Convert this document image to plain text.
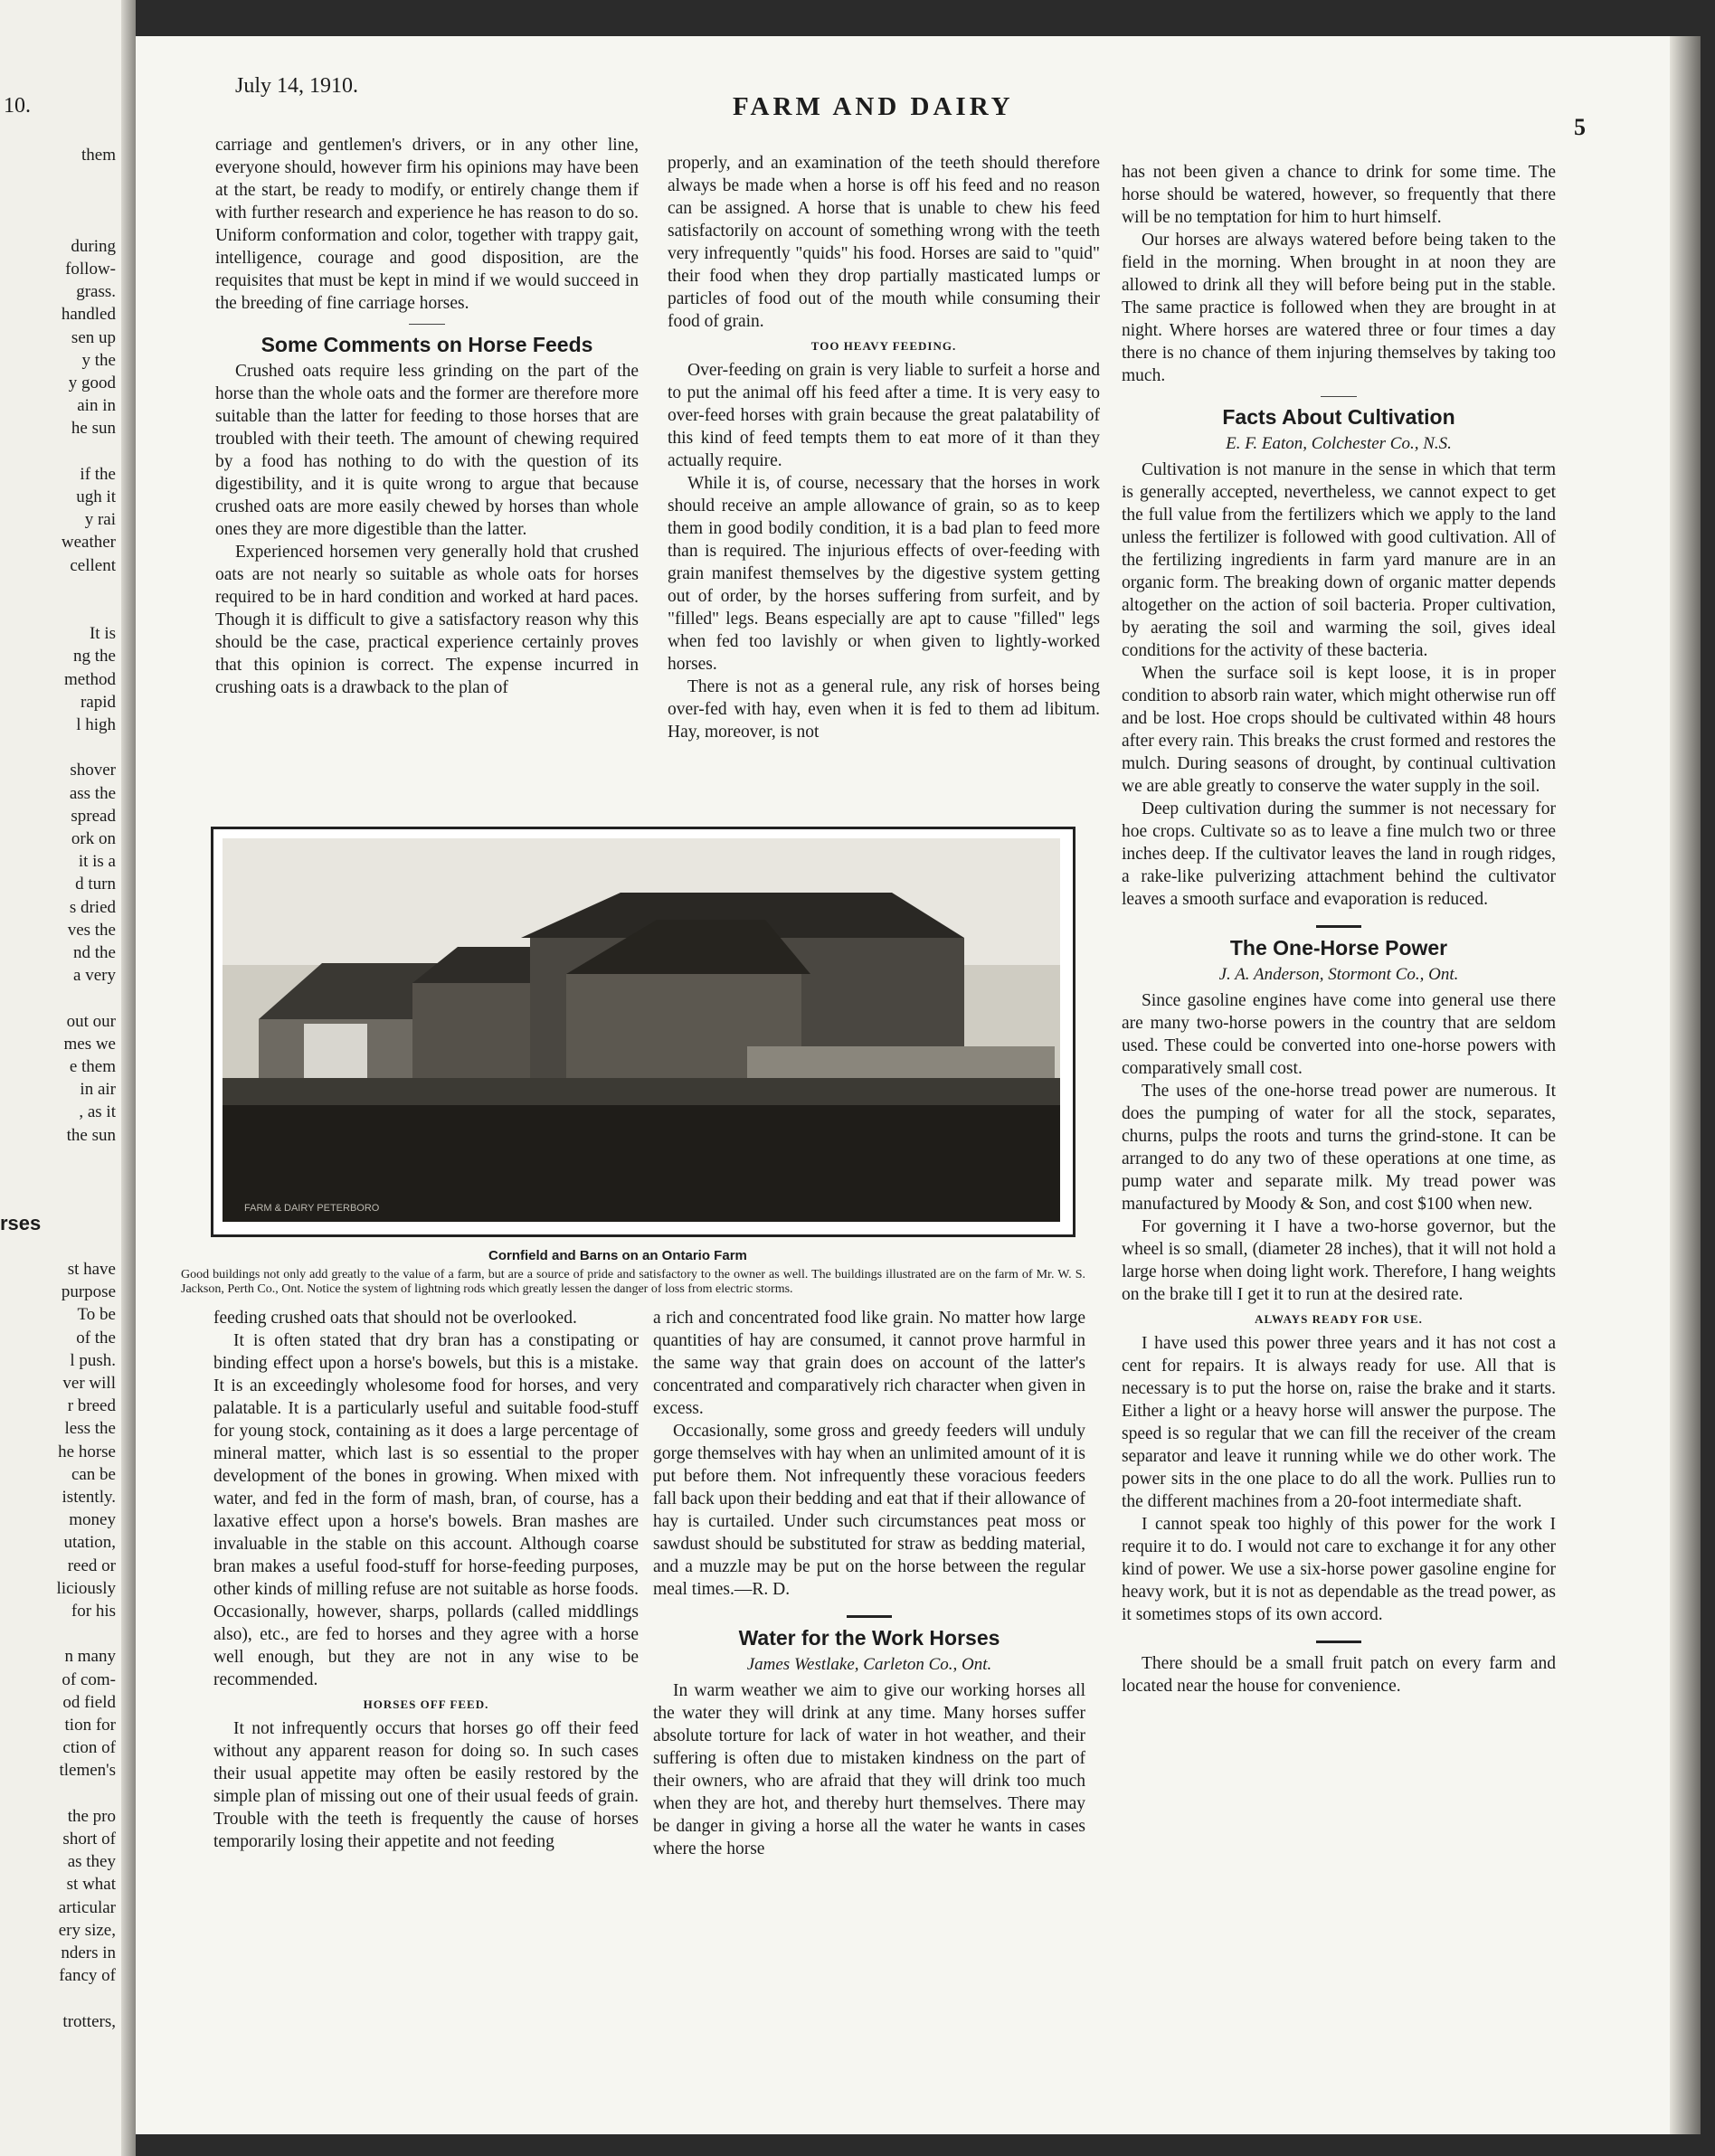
10.
them
during
follow-
grass.
handled
sen up
y the
y good
ain in
he sun
if the
ugh it
y rai
weather
cellent
It is
ng the
method
rapid
l high
shover
ass the
spread
ork on
it is a
d turn
s dried
ves the
nd the
a very
out our
mes we
e them
in air
, as it
the sun
rses
st have
purpose
To be
of the
l push.
ver will
r breed
less the
he horse
can be
istently.
money
utation,
reed or
liciously
for his
n many
of com-
od field
tion for
ction of
tlemen's
the pro
short of
as they
st what
articular
ery size,
nders in
fancy of
trotters,
July 14, 1910.
FARM AND DAIRY
5

carriage and gentlemen's drivers, or in any other line, everyone should, however firm his opinions may have been at the start, be ready to modify, or entirely change them if with further research and experience he has reason to do so. Uniform conformation and color, together with trappy gait, intelligence, courage and good disposition, are the requisites that must be kept in mind if we would succeed in the breeding of fine carriage horses.

Some Comments on Horse Feeds

Crushed oats require less grinding on the part of the horse than the whole oats and the former are therefore more suitable than the latter for feeding to those horses that are troubled with their teeth. The amount of chewing required by a food has nothing to do with the question of its digestibility, and it is quite wrong to argue that because crushed oats are more easily chewed by horses than whole ones they are more digestible than the latter.

Experienced horsemen very generally hold that crushed oats are not nearly so suitable as whole oats for horses required to be in hard condition and worked at hard paces. Though it is difficult to give a satisfactory reason why this should be the case, practical experience certainly proves that this opinion is correct. The expense incurred in crushing oats is a drawback to the plan of

properly, and an examination of the teeth should therefore always be made when a horse is off his feed and no reason can be assigned. A horse that is unable to chew his feed satisfactorily on account of something wrong with the teeth very infrequently "quids" his food. Horses are said to "quid" their food when they drop partially masticated lumps or particles of food out of the mouth while consuming their food of grain.

TOO HEAVY FEEDING.

Over-feeding on grain is very liable to surfeit a horse and to put the animal off his feed after a time. It is very easy to over-feed horses with grain because the great palatability of this kind of feed tempts them to eat more of it than they actually require.

While it is, of course, necessary that the horses in work should receive an ample allowance of grain, so as to keep them in good bodily condition, it is a bad plan to feed more than is required. The injurious effects of over-feeding with grain manifest themselves by the digestive system getting out of order, by the horses suffering from surfeit, and by "filled" legs. Beans especially are apt to cause "filled" legs when fed too lavishly or when given to lightly-worked horses.

There is not as a general rule, any risk of horses being over-fed with hay, even when it is fed to them ad libitum. Hay, moreover, is not

has not been given a chance to drink for some time. The horse should be watered, however, so frequently that there will be no temptation for him to hurt himself.

Our horses are always watered before being taken to the field in the morning. When brought in at noon they are allowed to drink all they will before being put in the stable. The same practice is followed when they are brought in at night. Where horses are watered three or four times a day there is no chance of them injuring themselves by taking too much.

Facts About Cultivation
E. F. Eaton, Colchester Co., N.S.

Cultivation is not manure in the sense in which that term is generally accepted, nevertheless, we cannot expect to get the full value from the fertilizers which we apply to the land unless the fertilizer is followed with good cultivation. All of the fertilizing ingredients in farm yard manure are in an organic form. The breaking down of organic matter depends altogether on the action of soil bacteria. Proper cultivation, by aerating the soil and warming the soil, gives ideal conditions for the activity of these bacteria.

When the surface soil is kept loose, it is in proper condition to absorb rain water, which might otherwise run off and be lost. Hoe crops should be cultivated within 48 hours after every rain. This breaks the crust formed and restores the mulch. During seasons of drought, by continual cultivation we are able greatly to conserve the water supply in the soil.

Deep cultivation during the summer is not necessary for hoe crops. Cultivate so as to leave a fine mulch two or three inches deep. If the cultivator leaves the land in rough ridges, a rake-like pulverizing attachment behind the cultivator leaves a smooth surface and evaporation is reduced.

The One-Horse Power
J. A. Anderson, Stormont Co., Ont.

Since gasoline engines have come into general use there are many two-horse powers in the country that are seldom used. These could be converted into one-horse powers with comparatively small cost.

The uses of the one-horse tread power are numerous. It does the pumping of water for all the stock, separates, churns, pulps the roots and turns the grind-stone. It can be arranged to do any two of these operations at one time, as pump water and separate milk. My tread power was manufactured by Moody & Son, and cost $100 when new.

For governing it I have a two-horse governor, but the wheel is so small, (diameter 28 inches), that it will not hold a large horse when doing light work. Therefore, I hang weights on the brake till I get it to run at the desired rate.

ALWAYS READY FOR USE.

I have used this power three years and it has not cost a cent for repairs. It is always ready for use. All that is necessary is to put the horse on, raise the brake and it starts. Either a light or a heavy horse will answer the purpose. The speed is so regular that we can fill the receiver of the cream separator and leave it running while we do other work. The power sits in the one place to do all the work. Pullies run to the different machines from a 20-foot intermediate shaft.

I cannot speak too highly of this power for the work I require it to do. I would not care to exchange it for any other kind of power. We use a six-horse power gasoline engine for heavy work, but it is not as dependable as the tread power, as it sometimes stops of its own accord.

There should be a small fruit patch on every farm and located near the house for convenience.

FARM & DAIRY PETERBORO
Cornfield and Barns on an Ontario Farm
Good buildings not only add greatly to the value of a farm, but are a source of pride and satisfactory to the owner as well. The buildings illustrated are on the farm of Mr. W. S. Jackson, Perth Co., Ont. Notice the system of lightning rods which greatly lessen the danger of loss from electric storms.

feeding crushed oats that should not be overlooked.

It is often stated that dry bran has a constipating or binding effect upon a horse's bowels, but this is a mistake. It is an exceedingly wholesome food for horses, and very palatable. It is a particularly useful and suitable food-stuff for young stock, containing as it does a large percentage of mineral matter, which last is so essential to the proper development of the bones in growing. When mixed with water, and fed in the form of mash, bran, of course, has a laxative effect upon a horse's bowels. Bran mashes are invaluable in the stable on this account. Although coarse bran makes a useful food-stuff for horse-feeding purposes, other kinds of milling refuse are not suitable as horse foods. Occasionally, however, sharps, pollards (called middlings also), etc., are fed to horses and they agree with a horse well enough, but they are not in any wise to be recommended.

HORSES OFF FEED.

It not infrequently occurs that horses go off their feed without any apparent reason for doing so. In such cases their usual appetite may often be easily restored by the simple plan of missing out one of their usual feeds of grain. Trouble with the teeth is frequently the cause of horses temporarily losing their appetite and not feeding

a rich and concentrated food like grain. No matter how large quantities of hay are consumed, it cannot prove harmful in the same way that grain does on account of the latter's concentrated and comparatively rich character when given in excess.

Occasionally, some gross and greedy feeders will unduly gorge themselves with hay when an unlimited amount of it is put before them. Not infrequently these voracious feeders fall back upon their bedding and eat that if their allowance of hay is curtailed. Under such circumstances peat moss or sawdust should be substituted for straw as bedding material, and a muzzle may be put on the horse between the regular meal times.—R. D.

Water for the Work Horses
James Westlake, Carleton Co., Ont.

In warm weather we aim to give our working horses all the water they will drink at any time. Many horses suffer absolute torture for lack of water in hot weather, and their suffering is often due to mistaken kindness on the part of their owners, who are afraid that they will drink too much when they are hot, and thereby hurt themselves. There may be danger in giving a horse all the water he wants in cases where the horse
